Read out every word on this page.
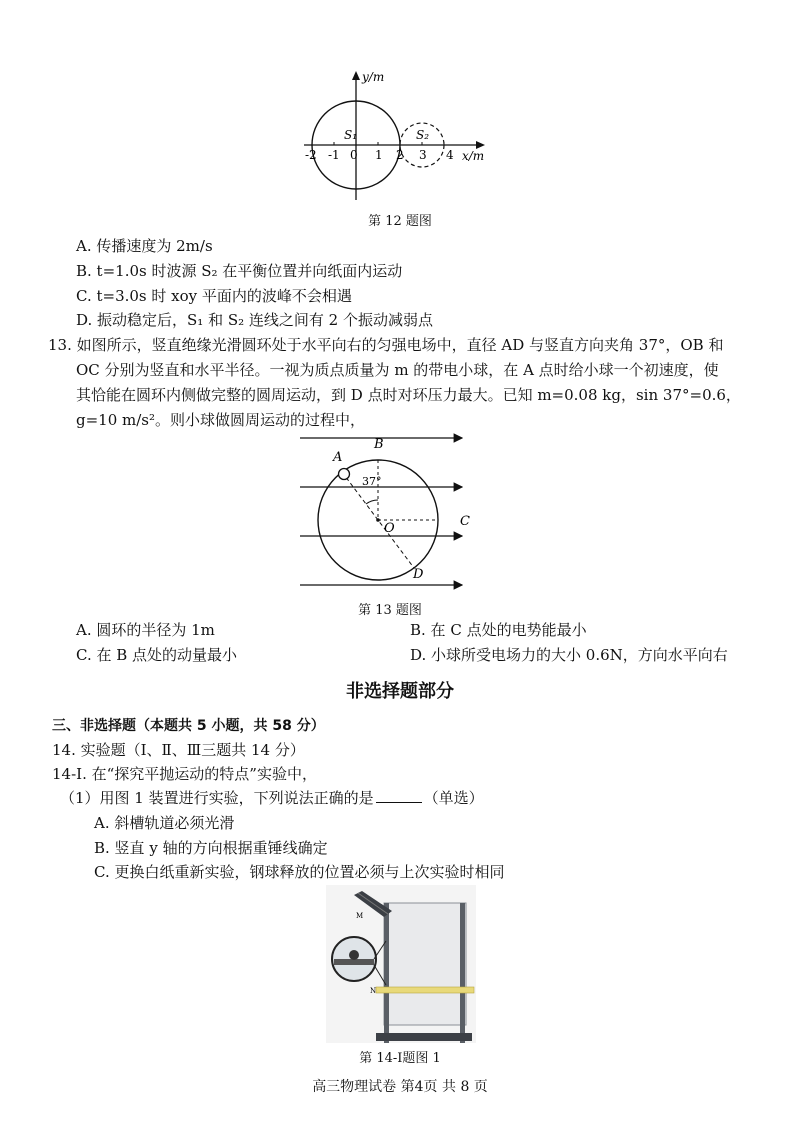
y/m
x/m
S₁	S₂
-2 -1 0 1 2 3 4
第 12 题图
A. 传播速度为 2m/s
B. t=1.0s 时波源 S₂ 在平衡位置并向纸面内运动
C. t=3.0s 时 xoy 平面内的波峰不会相遇
D. 振动稳定后，S₁ 和 S₂ 连线之间有 2 个振动减弱点
13. 如图所示，竖直绝缘光滑圆环处于水平向右的匀强电场中，直径 AD 与竖直方向夹角 37°，OB 和
OC 分别为竖直和水平半径。一视为质点质量为 m 的带电小球，在 A 点时给小球一个初速度，使
其恰能在圆环内侧做完整的圆周运动，到 D 点时对环压力最大。已知 m=0.08 kg，sin 37°=0.6，
g=10 m/s²。则小球做圆周运动的过程中，
A
B
C
D
O
37°
第 13 题图
A. 圆环的半径为 1m	B. 在 C 点处的电势能最小
C. 在 B 点处的动量最小	D. 小球所受电场力的大小 0.6N，方向水平向右
非选择题部分
三、非选择题（本题共 5 小题，共 58 分）
14. 实验题（Ⅰ、Ⅱ、Ⅲ三题共 14 分）
14-I. 在“探究平抛运动的特点”实验中，
（1）用图 1 装置进行实验，下列说法正确的是	（单选）
A. 斜槽轨道必须光滑
B. 竖直 y 轴的方向根据重锤线确定
C. 更换白纸重新实验，钢球释放的位置必须与上次实验时相同
M
N
第 14-I题图 1
高三物理试卷 第4页 共 8 页
